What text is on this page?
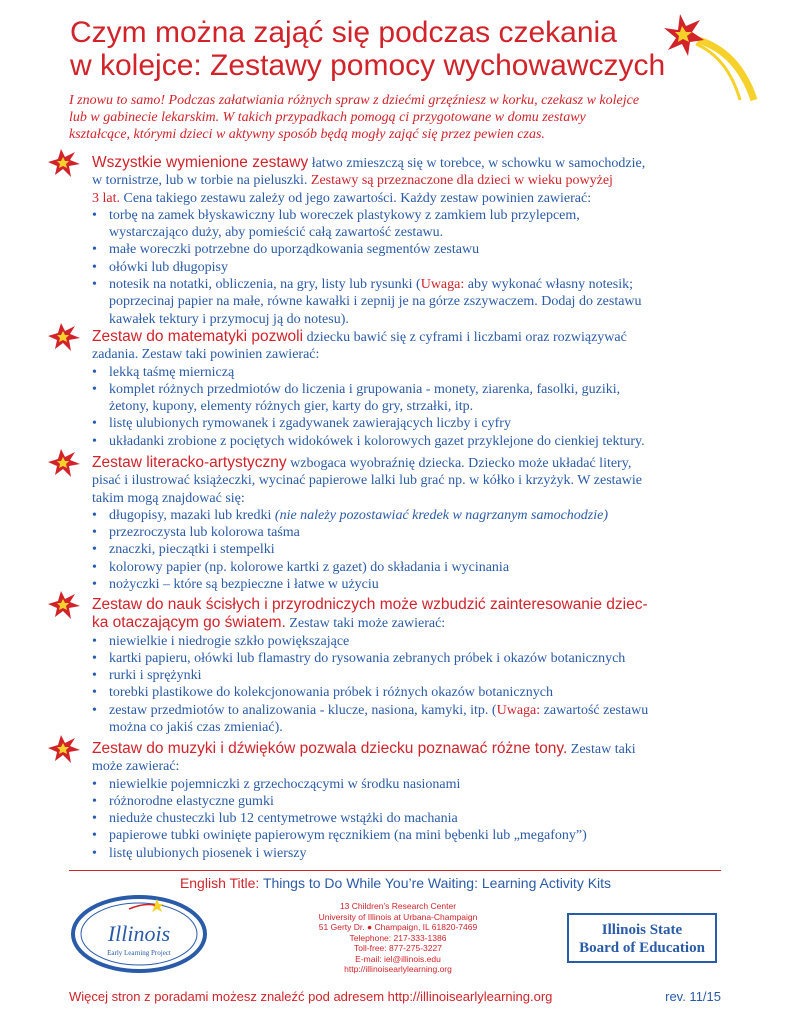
Czym można zająć się podczas czekania
w kolejce: Zestawy pomocy wychowawczych

I znowu to samo! Podczas załatwiania różnych spraw z dziećmi grzęźniesz w korku, czekasz w kolejce
lub w gabinecie lekarskim. W takich przypadkach pomogą ci przygotowane w domu zestawy
kształcące, którymi dzieci w aktywny sposób będą mogły zająć się przez pewien czas.

Wszystkie wymienione zestawy łatwo zmieszczą się w torebce, w schowku w samochodzie,
w tornistrze, lub w torbie na pieluszki. Zestawy są przeznaczone dla dzieci w wieku powyżej
3 lat. Cena takiego zestawu zależy od jego zawartości. Każdy zestaw powinien zawierać:

• torbę na zamek błyskawiczny lub woreczek plastykowy z zamkiem lub przylepcem,
wystarczająco duży, aby pomieścić całą zawartość zestawu.
• małe woreczki potrzebne do uporządkowania segmentów zestawu
• ołówki lub długopisy
• notesik na notatki, obliczenia, na gry, listy lub rysunki (Uwaga: aby wykonać własny notesik;
poprzecinaj papier na małe, równe kawałki i zepnij je na górze zszywaczem. Dodaj do zestawu
kawałek tektury i przymocuj ją do notesu).

Zestaw do matematyki pozwoli dziecku bawić się z cyframi i liczbami oraz rozwiązywać
zadania. Zestaw taki powinien zawierać:

• lekką taśmę mierniczą
• komplet różnych przedmiotów do liczenia i grupowania - monety, ziarenka, fasolki, guziki,
żetony, kupony, elementy różnych gier, karty do gry, strzałki, itp.
• listę ulubionych rymowanek i zgadywanek zawierających liczby i cyfry
• układanki zrobione z pociętych widokówek i kolorowych gazet przyklejone do cienkiej tektury.

Zestaw literacko-artystyczny wzbogaca wyobraźnię dziecka. Dziecko może układać litery,
pisać i ilustrować książeczki, wycinać papierowe lalki lub grać np. w kółko i krzyżyk. W zestawie
takim mogą znajdować się:

• długopisy, mazaki lub kredki (nie należy pozostawiać kredek w nagrzanym samochodzie)
• przezroczysta lub kolorowa taśma
• znaczki, pieczątki i stempelki
• kolorowy papier (np. kolorowe kartki z gazet) do składania i wycinania
• nożyczki – które są bezpieczne i łatwe w użyciu

Zestaw do nauk ścisłych i przyrodniczych może wzbudzić zainteresowanie dziec-
ka otaczającym go światem. Zestaw taki może zawierać:

• niewielkie i niedrogie szkło powiększające
• kartki papieru, ołówki lub flamastry do rysowania zebranych próbek i okazów botanicznych
• rurki i sprężynki
• torebki plastikowe do kolekcjonowania próbek i różnych okazów botanicznych
• zestaw przedmiotów to analizowania - klucze, nasiona, kamyki, itp. (Uwaga: zawartość zestawu
można co jakiś czas zmieniać).

Zestaw do muzyki i dźwięków pozwala dziecku poznawać różne tony. Zestaw taki
może zawierać:

• niewielkie pojemniczki z grzechoczącymi w środku nasionami
• różnorodne elastyczne gumki
• nieduże chusteczki lub 12 centymetrowe wstążki do machania
• papierowe tubki owinięte papierowym ręcznikiem (na mini bębenki lub „megafony”)
• listę ulubionych piosenek i wierszy
English Title: Things to Do While You’re Waiting: Learning Activity Kits
Illinois
Early Learning Project
13 Children’s Research Center
University of Illinois at Urbana-Champaign
51 Gerty Dr. ● Champaign, IL 61820-7469
Telephone: 217-333-1386
Toll-free: 877-275-3227
E-mail: iel@illinois.edu
http://illinoisearlylearning.org
Illinois State
Board of Education
Więcej stron z poradami możesz znaleźć pod adresem http://illinoisearlylearning.org	rev. 11/15
